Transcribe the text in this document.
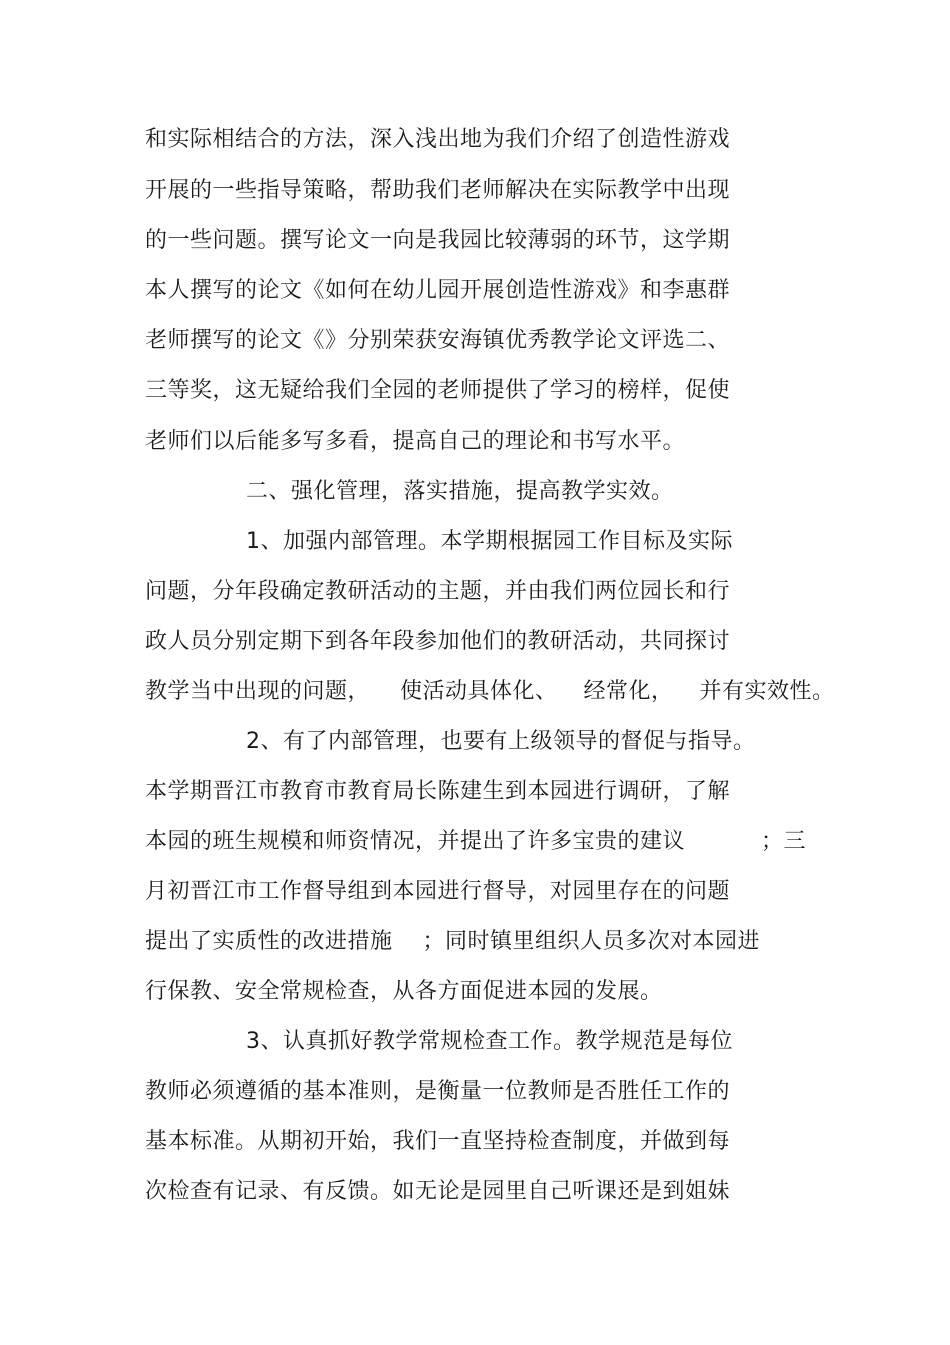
和实际相结合的方法，深入浅出地为我们介绍了创造性游戏
开展的一些指导策略，帮助我们老师解决在实际教学中出现
的一些问题。撰写论文一向是我园比较薄弱的环节，这学期
本人撰写的论文《如何在幼儿园开展创造性游戏》和李惠群
老师撰写的论文《》分别荣获安海镇优秀教学论文评选二、
三等奖，这无疑给我们全园的老师提供了学习的榜样，促使
老师们以后能多写多看，提高自己的理论和书写水平。
二、强化管理，落实措施，提高教学实效。
1、加强内部管理。本学期根据园工作目标及实际
问题，分年段确定教研活动的主题，并由我们两位园长和行
政人员分别定期下到各年段参加他们的教研活动，共同探讨
教学当中出现的问题， 使活动具体化、 经常化， 并有实效性。
2、有了内部管理，也要有上级领导的督促与指导。
本学期晋江市教育市教育局长陈建生到本园进行调研，了解
本园的班生规模和师资情况，并提出了许多宝贵的建议	；三
月初晋江市工作督导组到本园进行督导，对园里存在的问题
提出了实质性的改进措施 ；同时镇里组织人员多次对本园进
行保教、安全常规检查，从各方面促进本园的发展。
3、认真抓好教学常规检查工作。教学规范是每位
教师必须遵循的基本准则，是衡量一位教师是否胜任工作的
基本标准。从期初开始，我们一直坚持检查制度，并做到每
次检查有记录、有反馈。如无论是园里自己听课还是到姐妹
